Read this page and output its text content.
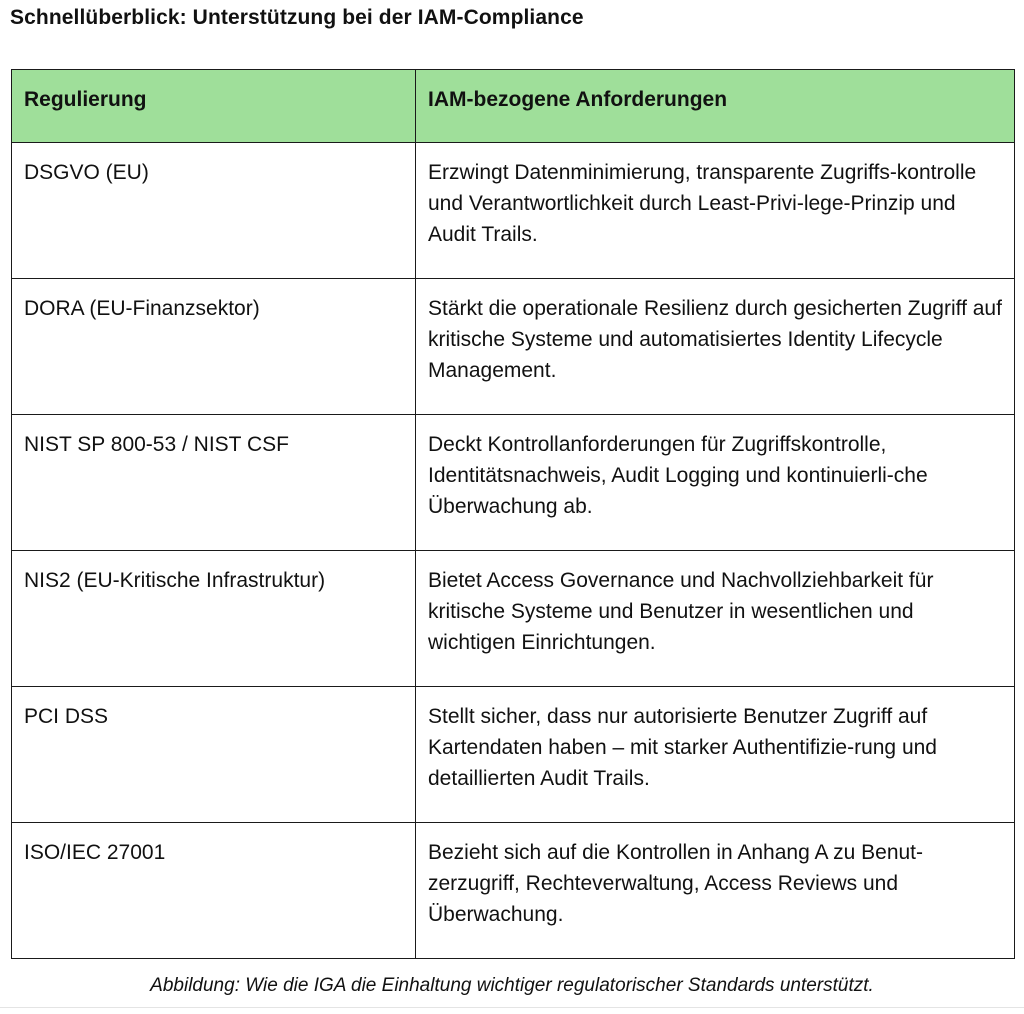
Schnellüberblick: Unterstützung bei der IAM-Compliance
Regulierung	IAM-bezogene Anforderungen
DSGVO (EU)	Erzwingt Datenminimierung, transparente Zugriffs-kontrolle und Verantwortlichkeit durch Least-Privi-lege-Prinzip und Audit Trails.
DORA (EU-Finanzsektor)	Stärkt die operationale Resilienz durch gesicherten Zugriff auf kritische Systeme und automatisiertes Identity Lifecycle Management.
NIST SP 800-53 / NIST CSF	Deckt Kontrollanforderungen für Zugriffskontrolle, Identitätsnachweis, Audit Logging und kontinuierli-che Überwachung ab.
NIS2 (EU-Kritische Infrastruktur)	Bietet Access Governance und Nachvollziehbarkeit für kritische Systeme und Benutzer in wesentlichen und wichtigen Einrichtungen.
PCI DSS	Stellt sicher, dass nur autorisierte Benutzer Zugriff auf Kartendaten haben – mit starker Authentifizie-rung und detaillierten Audit Trails.
ISO/IEC 27001	Bezieht sich auf die Kontrollen in Anhang A zu Benut-zerzugriff, Rechteverwaltung, Access Reviews und Überwachung.
Abbildung: Wie die IGA die Einhaltung wichtiger regulatorischer Standards unterstützt.
